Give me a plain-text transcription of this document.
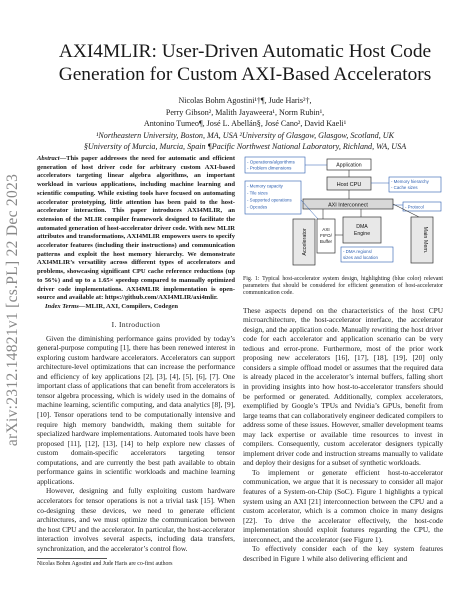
arXiv:2312.14821v1 [cs.PL] 22 Dec 2023
AXI4MLIR: User-Driven Automatic Host Code
Generation for Custom AXI-Based Accelerators
Nicolas Bohm Agostini¹†¶, Jude Haris²†,
Perry Gibson², Malith Jayaweera¹, Norm Rubin¹,
Antonino Tumeo¶, José L. Abellán§, José Cano², David Kaeli¹
¹Northeastern University, Boston, MA, USA ²University of Glasgow, Glasgow, Scotland, UK
§University of Murcia, Murcia, Spain ¶Pacific Northwest National Laboratory, Richland, WA, USA

Abstract—This paper addresses the need for automatic and efficient generation of host driver code for arbitrary custom AXI-based accelerators targeting linear algebra algorithms, an important workload in various applications, including machine learning and scientific computing. While existing tools have focused on automating accelerator prototyping, little attention has been paid to the host-accelerator interaction. This paper introduces AXI4MLIR, an extension of the MLIR compiler framework designed to facilitate the automated generation of host-accelerator driver code. With new MLIR attributes and transformations, AXI4MLIR empowers users to specify accelerator features (including their instructions) and communication patterns and exploit the host memory hierarchy. We demonstrate AXI4MLIR’s versatility across different types of accelerators and problems, showcasing significant CPU cache reference reductions (up to 56%) and up to a 1.65× speedup compared to manually optimized driver code implementations. AXI4MLIR implementation is open-source and available at: https://github.com/AXI4MLIR/axi4mlir.

Index Terms—MLIR, AXI, Compilers, Codegen

I. Introduction

Given the diminishing performance gains provided by today’s general-purpose computing [1], there has been renewed interest in exploring custom hardware accelerators. Accelerators can support architecture-level optimizations that can increase the performance and efficiency of key applications [2], [3], [4], [5], [6], [7]. One important class of applications that can benefit from accelerators is tensor algebra processing, which is widely used in the domains of machine learning, scientific computing, and data analytics [8], [9], [10]. Tensor operations tend to be computationally intensive and require high memory bandwidth, making them suitable for specialized hardware implementations. Automated tools have been proposed [11], [12], [13], [14] to help explore new classes of custom domain-specific accelerators targeting tensor computations, and are currently the best path available to obtain performance gains in scientific workloads and machine learning applications.

However, designing and fully exploiting custom hardware accelerators for tensor operations is not a trivial task [15]. When co-designing these devices, we need to generate efficient architectures, and we must optimize the communication between the host CPU and the accelerator. In particular, the host-accelerator interaction involves several aspects, including data transfers, synchronization, and the accelerator’s control flow.

Nicolas Bohm Agostini and Jude Haris are co-first authors

- Operations/algorithms
- Problem dimensions	Application
Host CPU
- Memory capacity
- Tile sizes
- Supported operations
- Opcodes
- Memory hierarchy
- Cache sizes
AXI Interconnect	- Protocol
Accelerator	AXI FIFO/ Buffer
DMA Engine
- DMA regions/
sizes and location
Main Mem.

Fig. 1: Typical host-accelerator system design, highlighting (blue color) relevant parameters that should be considered for efficient generation of host-accelerator communication code.

These aspects depend on the characteristics of the host CPU microarchitecture, the host-accelerator interface, the accelerator design, and the application code. Manually rewriting the host driver code for each accelerator and application scenario can be very tedious and error-prone. Furthermore, most of the prior work proposing new accelerators [16], [17], [18], [19], [20] only considers a simple offload model or assumes that the required data is already placed in the accelerator’s internal buffers, falling short in providing insights into how host-to-accelerator transfers should be performed or generated. Additionally, complex accelerators, exemplified by Google’s TPUs and Nvidia’s GPUs, benefit from large teams that can collaboratively engineer dedicated compilers to address some of these issues. However, smaller development teams may lack expertise or available time resources to invest in compilers. Consequently, custom accelerator designers typically implement driver code and instruction streams manually to validate and deploy their designs for a subset of synthetic workloads.

To implement or generate efficient host-to-accelerator communication, we argue that it is necessary to consider all major features of a System-on-Chip (SoC). Figure 1 highlights a typical system using an AXI [21] interconnection between the CPU and a custom accelerator, which is a common choice in many designs [22]. To drive the accelerator effectively, the host-code implementation should exploit features regarding the CPU, the interconnect, and the accelerator (see Figure 1).

To effectively consider each of the key system features described in Figure 1 while also delivering efficient and
